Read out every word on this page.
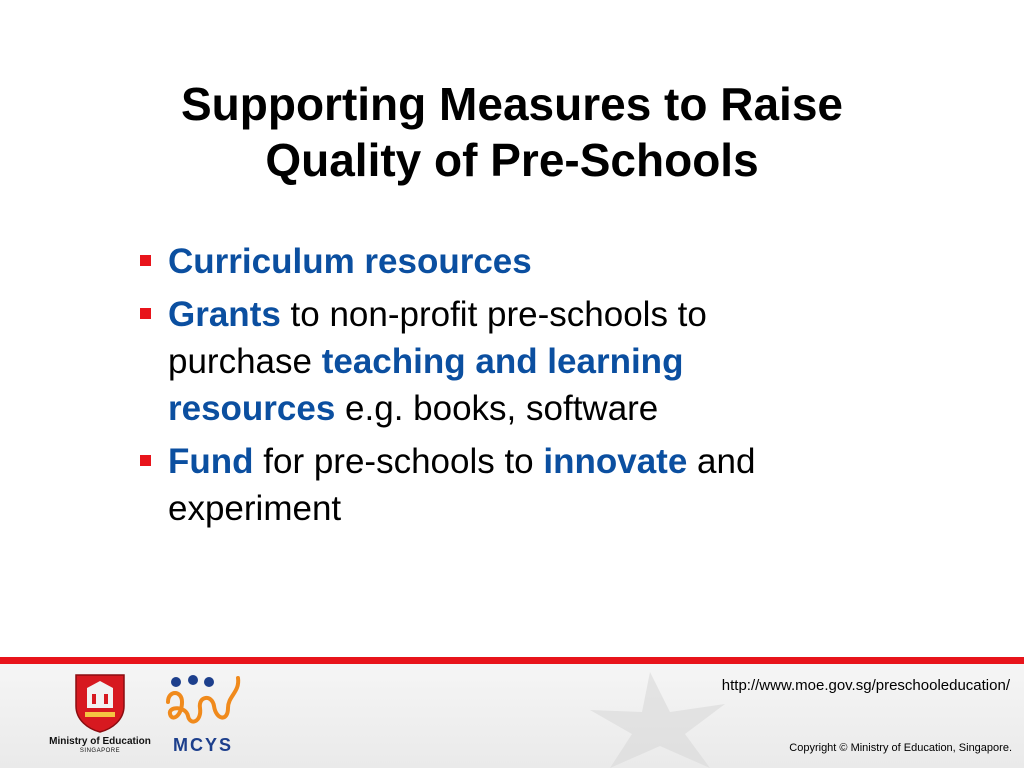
Supporting Measures to Raise
Quality of Pre-Schools
Curriculum resources
Grants to non-profit pre-schools to purchase teaching and learning resources e.g. books, software
Fund for pre-schools to innovate and experiment
http://www.moe.gov.sg/preschooleducation/
Copyright © Ministry of Education, Singapore.
Ministry of Education
SINGAPORE	MCYS
